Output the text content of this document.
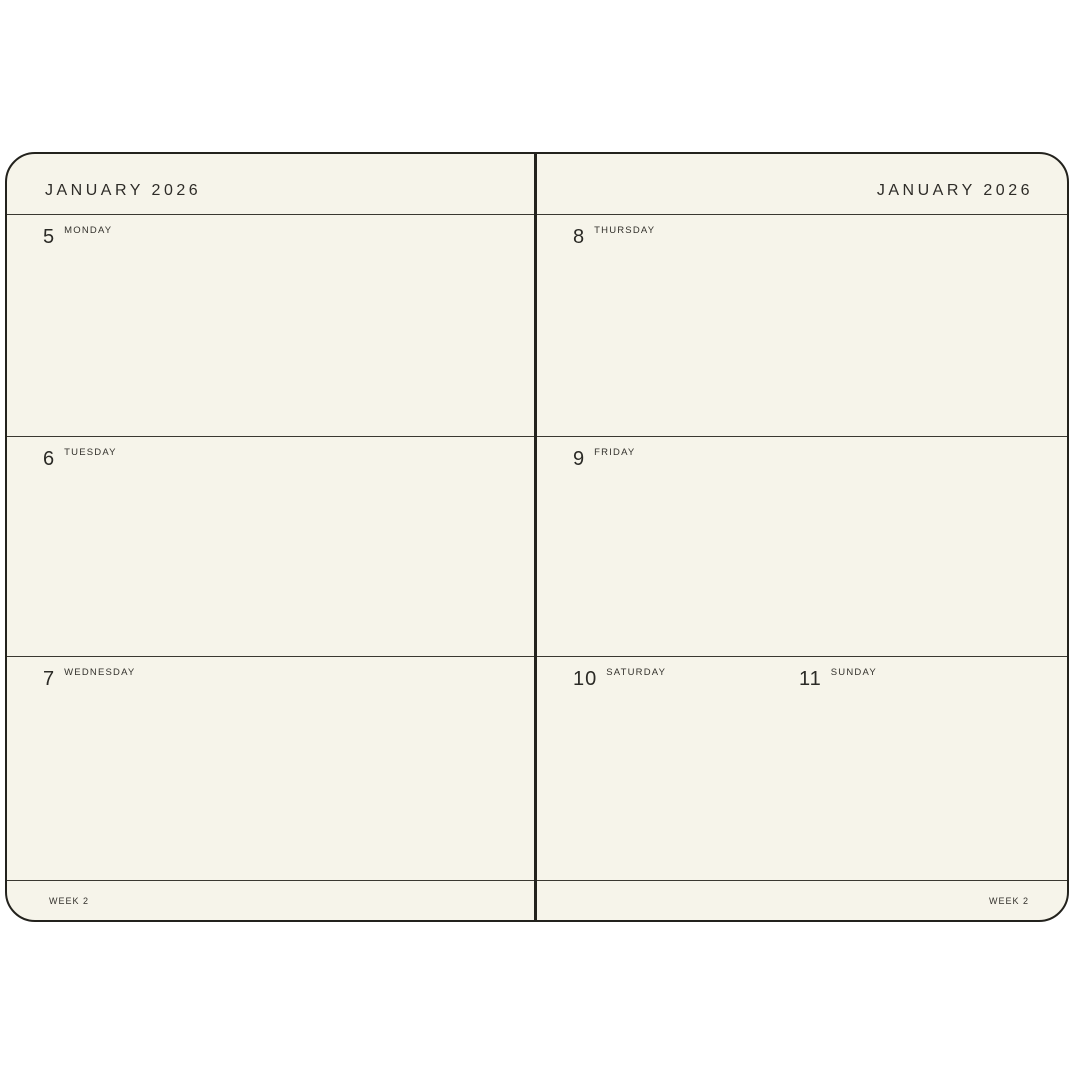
JANUARY 2026
5 MONDAY
6 TUESDAY
7 WEDNESDAY
WEEK 2
JANUARY 2026
8 THURSDAY
9 FRIDAY
10 SATURDAY	11 SUNDAY
WEEK 2
